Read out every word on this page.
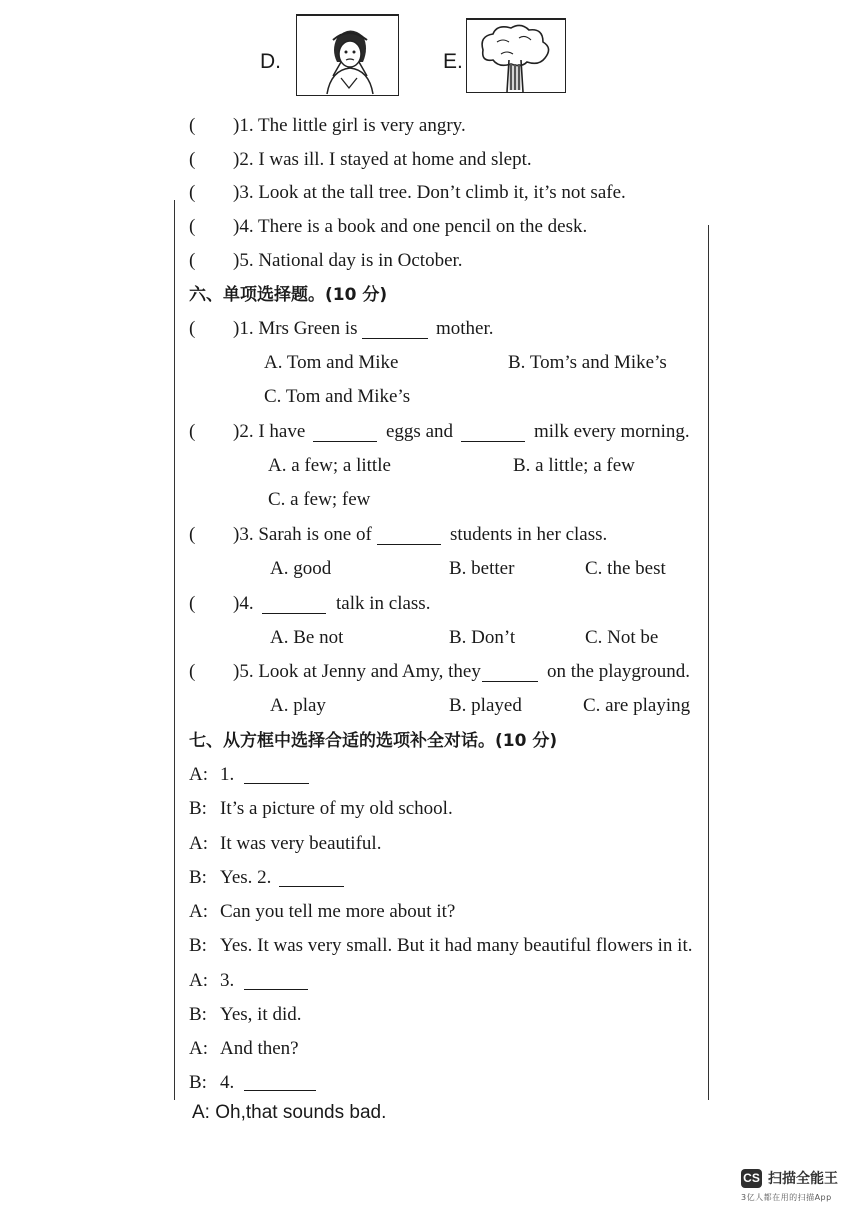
D.	E.
( )1. The little girl is very angry.
( )2. I was ill. I stayed at home and slept.
( )3. Look at the tall tree. Don’t climb it, it’s not safe.
( )4. There is a book and one pencil on the desk.
( )5. National day is in October.
六、单项选择题。(10 分)
( )1. Mrs Green is	mother.
A. Tom and Mike	B. Tom’s and Mike’s
C. Tom and Mike’s
( )2. I have	eggs and	milk every morning.
A. a few; a little	B. a little; a few
C. a few; few
( )3. Sarah is one of	students in her class.
A. good	B. better	C. the best
( )4.	talk in class.
A. Be not	B. Don’t	C. Not be
( )5. Look at Jenny and Amy, they	on the playground.
A. play	B. played	C. are playing
七、从方框中选择合适的选项补全对话。(10 分)
A: 1.
B: It’s a picture of my old school.
A: It was very beautiful.
B: Yes. 2.
A: Can you tell me more about it?
B: Yes. It was very small. But it had many beautiful flowers in it.
A: 3.
B: Yes, it did.
A: And then?
B: 4.
A: Oh,that sounds bad.
CS 扫描全能王
3亿人都在用的扫描App
